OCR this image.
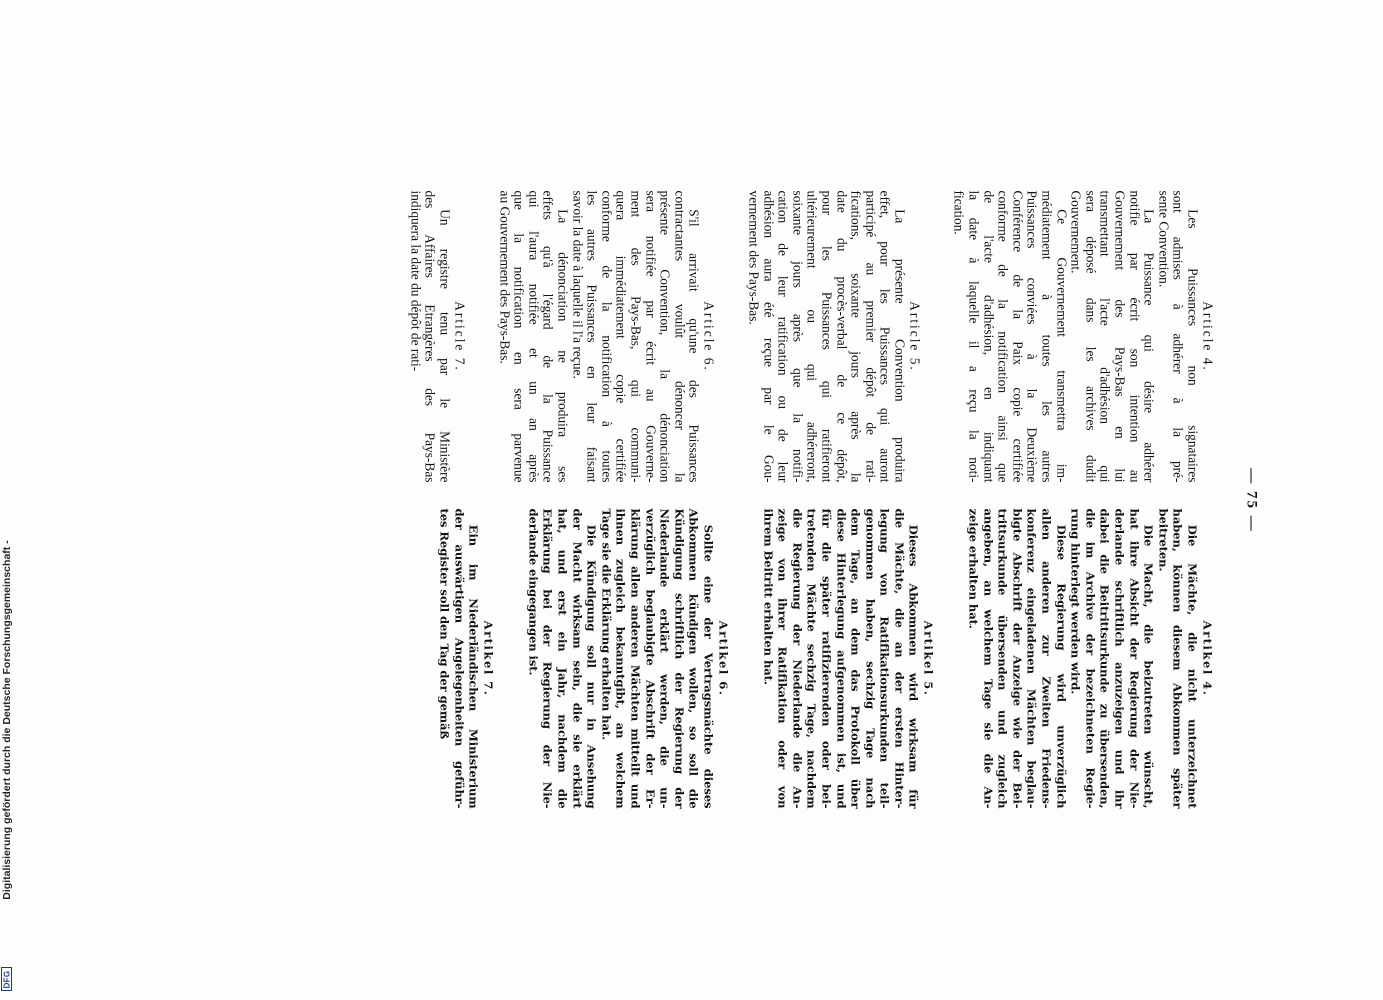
— 75 —
Article 4.

Les Puissances non signataires
sont admises à adhérer à la pré-
sente Convention.

La Puissance qui désire adhérer
notifie par écrit son intention au
Gouvernement des Pays-Bas en lui
transmettant l'acte d'adhésion qui
sera déposé dans les archives dudit
Gouvernement.

Ce Gouvernement transmettra im-
médiatement à toutes les autres
Puissances conviées à la Deuxième
Conférence de la Paix copie certifiée
conforme de la notification ainsi que
de l'acte d'adhésion, en indiquant
la date à laquelle il a reçu la noti-
fication.

Article 5.

La présente Convention produira
effet, pour les Puissances qui auront
participé au premier dépôt de rati-
fications, soixante jours après la
date du procès-verbal de ce dépôt,
pour les Puissances qui ratifieront
ultérieurement ou qui adhéreront,
soixante jours après que la notifi-
cation de leur ratification ou de leur
adhésion aura été reçue par le Gou-
vernement des Pays-Bas.

Article 6.

S'il arrivait qu'une des Puissances
contractantes voulût dénoncer la
présente Convention, la dénonciation
sera notifiée par écrit au Gouverne-
ment des Pays-Bas, qui communi-
quera immédiatement copie certifiée
conforme de la notification à toutes
les autres Puissances en leur faisant
savoir la date à laquelle il l'a reçue.

La dénonciation ne produira ses
effets qu'à l'égard de la Puissance
qui l'aura notifiée et un an après
que la notification en sera parvenue
au Gouvernement des Pays-Bas.

Article 7.

Un registre tenu par le Ministère
des Affaires Etrangères des Pays-Bas
indiquera la date du dépôt de rati-

Artikel 4.

Die Mächte, die nicht unterzeichnet
haben, können diesem Abkommen später
beitreten.

Die Macht, die beizutreten wünscht,
hat ihre Absicht der Regierung der Nie-
derlande schriftlich anzuzeigen und ihr
dabei die Beitrittsurkunde zu übersenden,
die im Archive der bezeichneten Regie-
rung hinterlegt werden wird.

Diese Regierung wird unverzüglich
allen anderen zur Zweiten Friedens-
konferenz eingeladenen Mächten beglau-
bigte Abschrift der Anzeige wie der Bei-
trittsurkunde übersenden und zugleich
angeben, an welchem Tage sie die An-
zeige erhalten hat.

Artikel 5.

Dieses Abkommen wird wirksam für
die Mächte, die an der ersten Hinter-
legung von Ratifikationsurkunden teil-
genommen haben, sechzig Tage nach
dem Tage, an dem das Protokoll über
diese Hinterlegung aufgenommen ist, und
für die später ratifizierenden oder bei-
tretenden Mächte sechzig Tage, nachdem
die Regierung der Niederlande die An-
zeige von ihrer Ratifikation oder von
ihrem Beitritt erhalten hat.

Artikel 6.

Sollte eine der Vertragsmächte dieses
Abkommen kündigen wollen, so soll die
Kündigung schriftlich der Regierung der
Niederlande erklärt werden, die un-
verzüglich beglaubigte Abschrift der Er-
klärung allen anderen Mächten mitteilt und
ihnen zugleich bekanntgibt, an welchem
Tage sie die Erklärung erhalten hat.

Die Kündigung soll nur in Ansehung
der Macht wirksam sein, die sie erklärt
hat, und erst ein Jahr, nachdem die
Erklärung bei der Regierung der Nie-
derlande eingegangen ist.

Artikel 7.

Ein im Niederländischen Ministerium
der auswärtigen Angelegenheiten geführ-
tes Register soll den Tag der gemäß

Digitalisierung gefördert durch die Deutsche Forschungsgemeinschaft -
DFG
